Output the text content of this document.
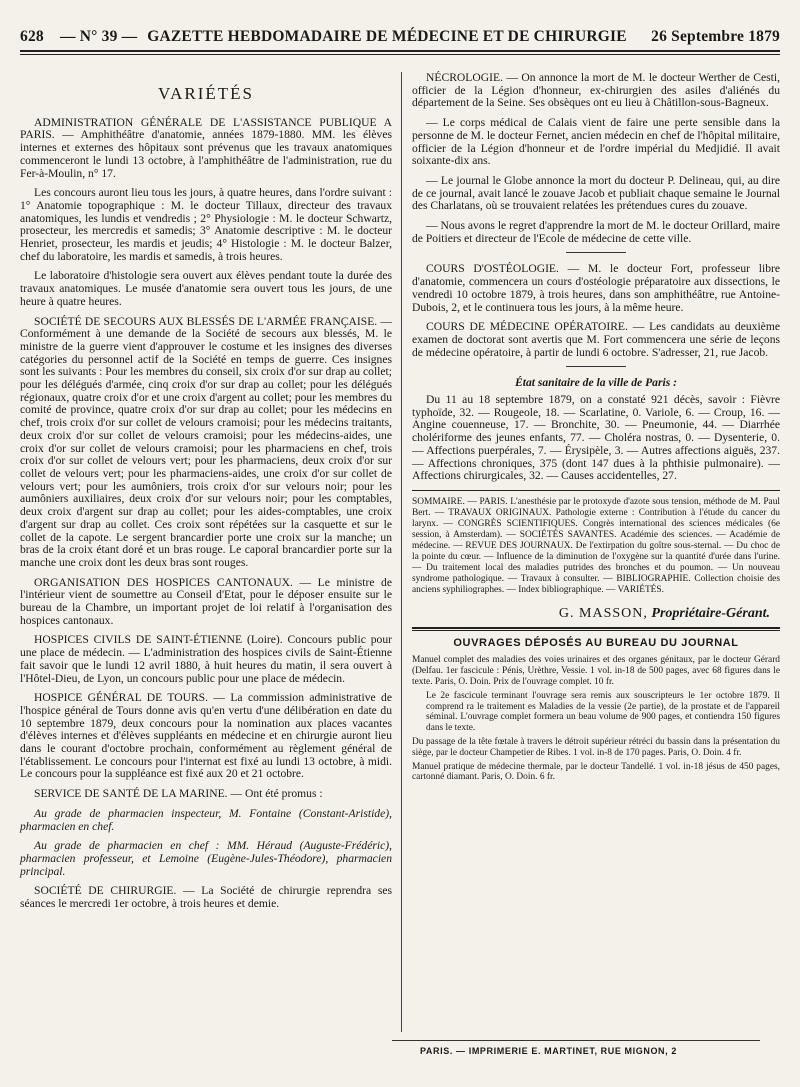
628	— N° 39 — GAZETTE HEBDOMADAIRE DE MÉDECINE ET DE CHIRURGIE	26 Septembre 1879
VARIÉTÉS

ADMINISTRATION GÉNÉRALE DE L'ASSISTANCE PUBLIQUE A PARIS. — Amphithéâtre d'anatomie, années 1879-1880. MM. les élèves internes et externes des hôpitaux sont prévenus que les travaux anatomiques commenceront le lundi 13 octobre, à l'amphithéâtre de l'administration, rue du Fer-à-Moulin, n° 17.

Les concours auront lieu tous les jours, à quatre heures, dans l'ordre suivant : 1° Anatomie topographique : M. le docteur Tillaux, directeur des travaux anatomiques, les lundis et vendredis ; 2° Physiologie : M. le docteur Schwartz, prosecteur, les mercredis et samedis; 3° Anatomie descriptive : M. le docteur Henriet, prosecteur, les mardis et jeudis; 4° Histologie : M. le docteur Balzer, chef du laboratoire, les mardis et samedis, à trois heures.

Le laboratoire d'histologie sera ouvert aux élèves pendant toute la durée des travaux anatomiques. Le musée d'anatomie sera ouvert tous les jours, de une heure à quatre heures.

SOCIÉTÉ DE SECOURS AUX BLESSÉS DE L'ARMÉE FRANÇAISE. — Conformément à une demande de la Société de secours aux blessés, M. le ministre de la guerre vient d'approuver le costume et les insignes des diverses catégories du personnel actif de la Société en temps de guerre. Ces insignes sont les suivants : Pour les membres du conseil, six croix d'or sur drap au collet; pour les délégués d'armée, cinq croix d'or sur drap au collet; pour les délégués régionaux, quatre croix d'or et une croix d'argent au collet; pour les membres du comité de province, quatre croix d'or sur drap au collet; pour les médecins en chef, trois croix d'or sur collet de velours cramoisi; pour les médecins traitants, deux croix d'or sur collet de velours cramoisi; pour les médecins-aides, une croix d'or sur collet de velours cramoisi; pour les pharmaciens en chef, trois croix d'or sur collet de velours vert; pour les pharmaciens, deux croix d'or sur collet de velours vert; pour les pharmaciens-aides, une croix d'or sur collet de velours vert; pour les aumôniers, trois croix d'or sur velours noir; pour les aumôniers auxiliaires, deux croix d'or sur velours noir; pour les comptables, deux croix d'argent sur drap au collet; pour les aides-comptables, une croix d'argent sur drap au collet. Ces croix sont répétées sur la casquette et sur le collet de la capote. Le sergent brancardier porte une croix sur la manche; un bras de la croix étant doré et un bras rouge. Le caporal brancardier porte sur la manche une croix dont les deux bras sont rouges.

ORGANISATION DES HOSPICES CANTONAUX. — Le ministre de l'intérieur vient de soumettre au Conseil d'Etat, pour le déposer ensuite sur le bureau de la Chambre, un important projet de loi relatif à l'organisation des hospices cantonaux.

HOSPICES CIVILS DE SAINT-ÉTIENNE (Loire). Concours public pour une place de médecin. — L'administration des hospices civils de Saint-Étienne fait savoir que le lundi 12 avril 1880, à huit heures du matin, il sera ouvert à l'Hôtel-Dieu, de Lyon, un concours public pour une place de médecin.

HOSPICE GÉNÉRAL DE TOURS. — La commission administrative de l'hospice général de Tours donne avis qu'en vertu d'une délibération en date du 10 septembre 1879, deux concours pour la nomination aux places vacantes d'élèves internes et d'élèves suppléants en médecine et en chirurgie auront lieu dans le courant d'octobre prochain, conformément au règlement général de l'établissement. Le concours pour l'internat est fixé au lundi 13 octobre, à midi. Le concours pour la suppléance est fixé aux 20 et 21 octobre.

SERVICE DE SANTÉ DE LA MARINE. — Ont été promus :

Au grade de pharmacien inspecteur, M. Fontaine (Constant-Aristide), pharmacien en chef.

Au grade de pharmacien en chef : MM. Héraud (Auguste-Frédéric), pharmacien professeur, et Lemoine (Eugène-Jules-Théodore), pharmacien principal.

SOCIÉTÉ DE CHIRURGIE. — La Société de chirurgie reprendra ses séances le mercredi 1er octobre, à trois heures et demie.

NÉCROLOGIE. — On annonce la mort de M. le docteur Werther de Cesti, officier de la Légion d'honneur, ex-chirurgien des asiles d'aliénés du département de la Seine. Ses obsèques ont eu lieu à Châtillon-sous-Bagneux.

— Le corps médical de Calais vient de faire une perte sensible dans la personne de M. le docteur Fernet, ancien médecin en chef de l'hôpital militaire, officier de la Légion d'honneur et de l'ordre impérial du Medjidié. Il avait soixante-dix ans.

— Le journal le Globe annonce la mort du docteur P. Delineau, qui, au dire de ce journal, avait lancé le zouave Jacob et publiait chaque semaine le Journal des Charlatans, où se trouvaient relatées les prétendues cures du zouave.

— Nous avons le regret d'apprendre la mort de M. le docteur Orillard, maire de Poitiers et directeur de l'Ecole de médecine de cette ville.

COURS D'OSTÉOLOGIE. — M. le docteur Fort, professeur libre d'anatomie, commencera un cours d'ostéologie préparatoire aux dissections, le vendredi 10 octobre 1879, à trois heures, dans son amphithéâtre, rue Antoine-Dubois, 2, et le continuera tous les jours, à la même heure.

COURS DE MÉDECINE OPÉRATOIRE. — Les candidats au deuxième examen de doctorat sont avertis que M. Fort commencera une série de leçons de médecine opératoire, à partir de lundi 6 octobre. S'adresser, 21, rue Jacob.

État sanitaire de la ville de Paris :

Du 11 au 18 septembre 1879, on a constaté 921 décès, savoir : Fièvre typhoïde, 32. — Rougeole, 18. — Scarlatine, 0. Variole, 6. — Croup, 16. — Angine couenneuse, 17. — Bronchite, 30. — Pneumonie, 44. — Diarrhée cholériforme des jeunes enfants, 77. — Choléra nostras, 0. — Dysenterie, 0. — Affections puerpérales, 7. — Érysipèle, 3. — Autres affections aiguës, 237. — Affections chroniques, 375 (dont 147 dues à la phthisie pulmonaire). — Affections chirurgicales, 32. — Causes accidentelles, 27.

SOMMAIRE. — PARIS. L'anesthésie par le protoxyde d'azote sous tension, méthode de M. Paul Bert. — TRAVAUX ORIGINAUX. Pathologie externe : Contribution à l'étude du cancer du larynx. — CONGRÈS SCIENTIFIQUES. Congrès international des sciences médicales (6e session, à Amsterdam). — SOCIÉTÉS SAVANTES. Académie des sciences. — Académie de médecine. — REVUE DES JOURNAUX. De l'extirpation du goître sous-sternal. — Du choc de la pointe du cœur. — Influence de la diminution de l'oxygène sur la quantité d'urée dans l'urine. — Du traitement local des maladies putrides des bronches et du poumon. — Un nouveau syndrome pathologique. — Travaux à consulter. — BIBLIOGRAPHIE. Collection choisie des anciens syphiliographes. — Index bibliographique. — VARIÉTÉS.

G. MASSON, Propriétaire-Gérant.
OUVRAGES DÉPOSÉS AU BUREAU DU JOURNAL

Manuel complet des maladies des voies urinaires et des organes génitaux, par le docteur Gérard (Delfau. 1er fascicule : Pénis, Urèthre, Vessie. 1 vol. in-18 de 500 pages, avec 68 figures dans le texte. Paris, O. Doin. Prix de l'ouvrage complet. 10 fr.

Le 2e fascicule terminant l'ouvrage sera remis aux souscripteurs le 1er octobre 1879. Il comprend ra le traitement es Maladies de la vessie (2e partie), de la prostate et de l'appareil séminal. L'ouvrage complet formera un beau volume de 900 pages, et contiendra 150 figures dans le texte.

Du passage de la tête fœtale à travers le détroit supérieur rétréci du bassin dans la présentation du siège, par le docteur Champetier de Ribes. 1 vol. in-8 de 170 pages. Paris, O. Doin. 4 fr.

Manuel pratique de médecine thermale, par le docteur Tandellé. 1 vol. in-18 jésus de 450 pages, cartonné diamant. Paris, O. Doin. 6 fr.

PARIS. — IMPRIMERIE E. MARTINET, RUE MIGNON, 2
